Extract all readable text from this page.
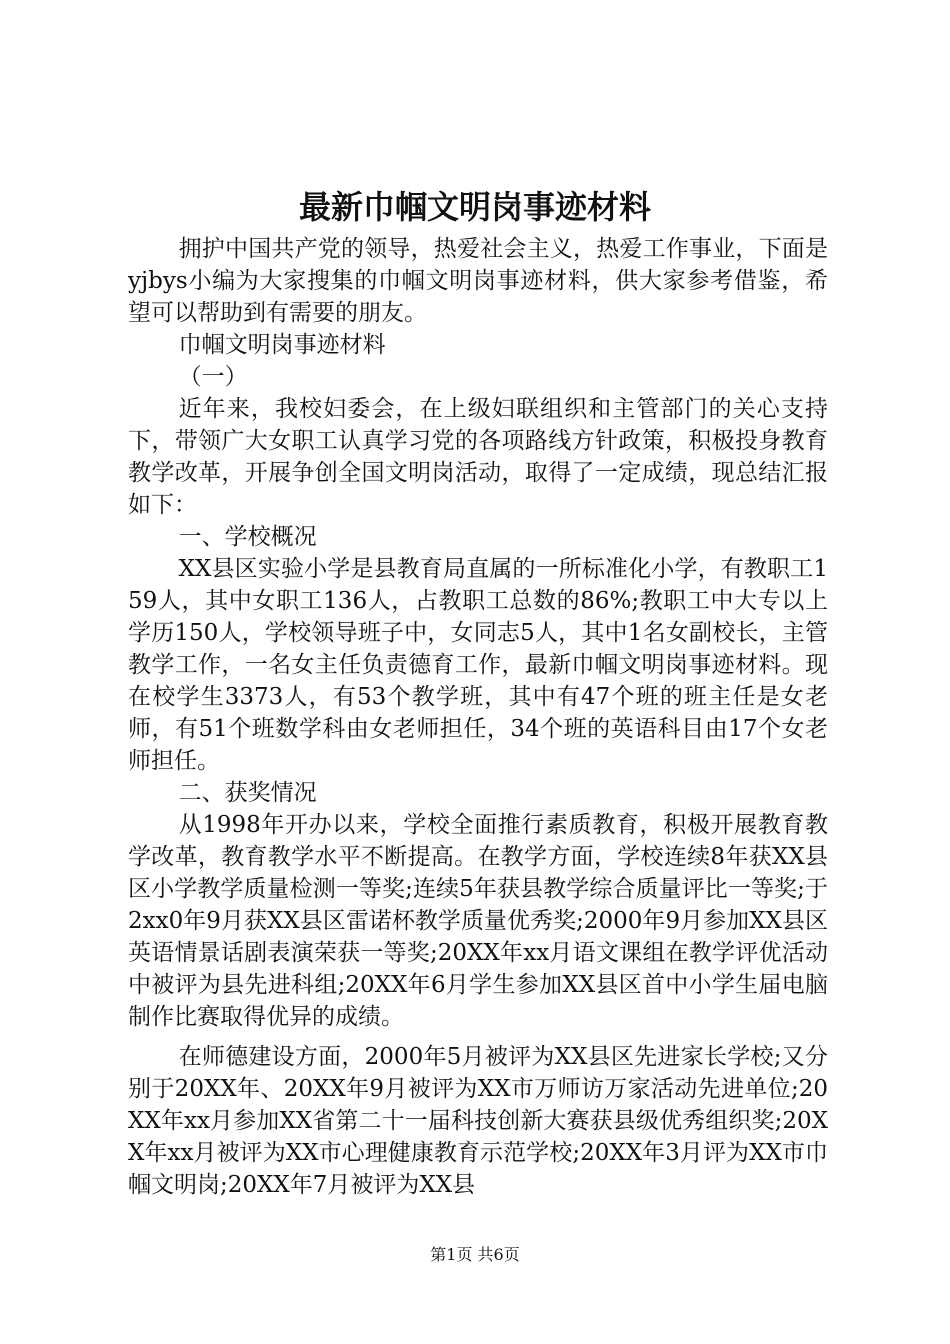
最新巾帼文明岗事迹材料

拥护中国共产党的领导，热爱社会主义，热爱工作事业，下面是yjbys小编为大家搜集的巾帼文明岗事迹材料，供大家参考借鉴，希望可以帮助到有需要的朋友。

巾帼文明岗事迹材料

（一）

近年来，我校妇委会，在上级妇联组织和主管部门的关心支持下，带领广大女职工认真学习党的各项路线方针政策，积极投身教育教学改革，开展争创全国文明岗活动，取得了一定成绩，现总结汇报如下：

一、学校概况

XX县区实验小学是县教育局直属的一所标准化小学，有教职工159人，其中女职工136人，占教职工总数的86%;教职工中大专以上学历150人，学校领导班子中，女同志5人，其中1名女副校长，主管教学工作，一名女主任负责德育工作，最新巾帼文明岗事迹材料。现在校学生3373人，有53个教学班，其中有47个班的班主任是女老师，有51个班数学科由女老师担任，34个班的英语科目由17个女老师担任。

二、获奖情况

从1998年开办以来，学校全面推行素质教育，积极开展教育教学改革，教育教学水平不断提高。在教学方面，学校连续8年获XX县区小学教学质量检测一等奖;连续5年获县教学综合质量评比一等奖;于2xx0年9月获XX县区雷诺杯教学质量优秀奖;2000年9月参加XX县区英语情景话剧表演荣获一等奖;20XX年xx月语文课组在教学评优活动中被评为县先进科组;20XX年6月学生参加XX县区首中小学生届电脑制作比赛取得优异的成绩。

在师德建设方面，2000年5月被评为XX县区先进家长学校;又分别于20XX年、20XX年9月被评为XX市万师访万家活动先进单位;20XX年xx月参加XX省第二十一届科技创新大赛获县级优秀组织奖;20XX年xx月被评为XX市心理健康教育示范学校;20XX年3月评为XX市巾帼文明岗;20XX年7月被评为XX县

第1页 共6页
